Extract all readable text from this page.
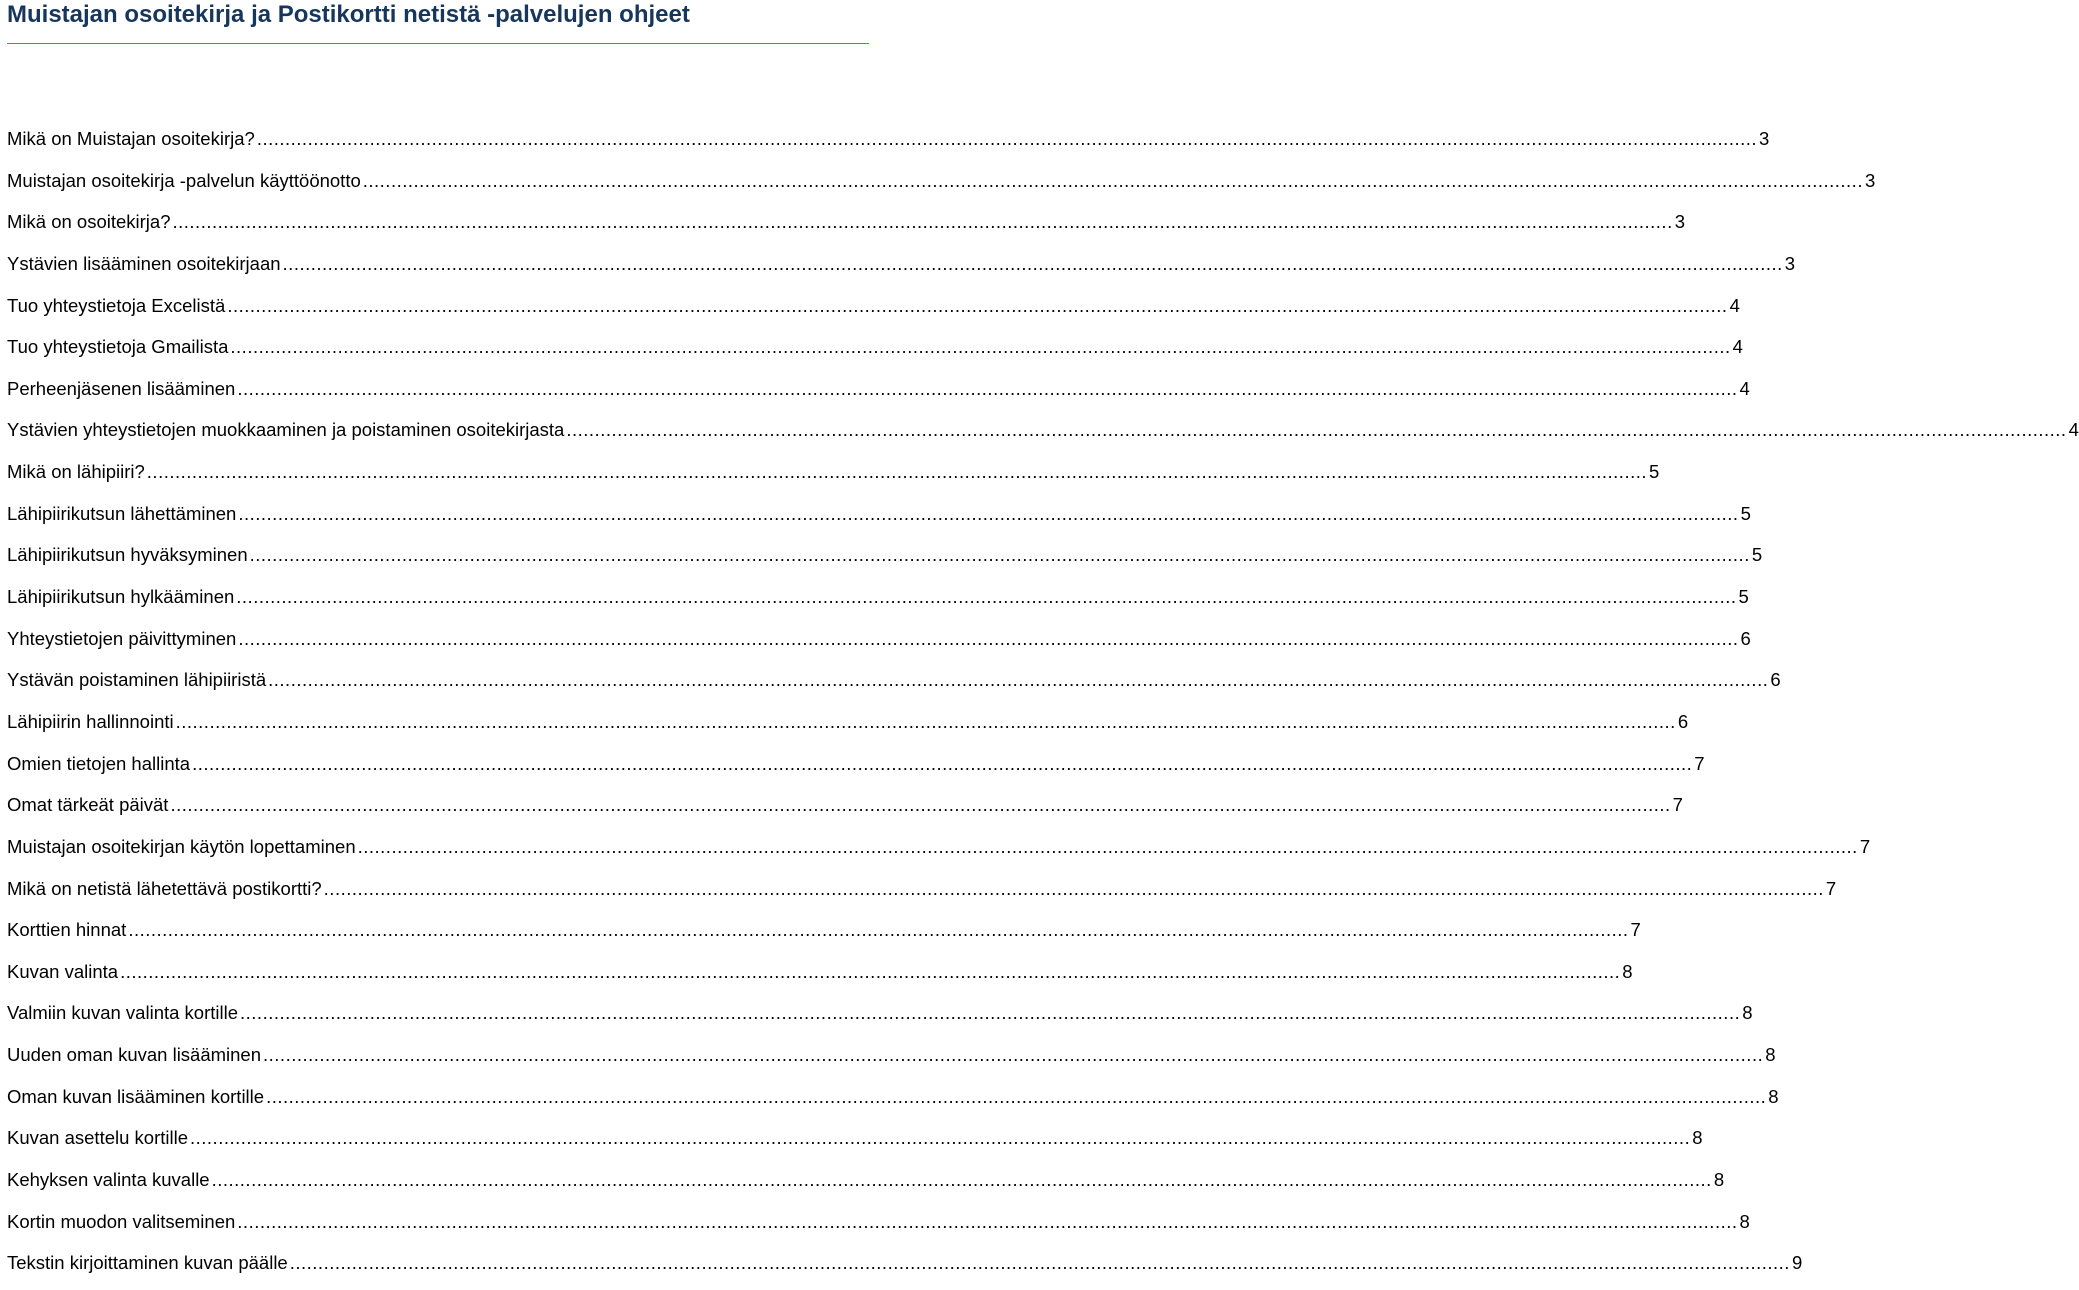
Muistajan osoitekirja ja Postikortti netistä -palvelujen ohjeet
Mikä on Muistajan osoitekirja? .....	3
Muistajan osoitekirja -palvelun käyttöönotto .....	3
Mikä on osoitekirja? .....	3
Ystävien lisääminen osoitekirjaan .....	3
Tuo yhteystietoja Excelistä .....	4
Tuo yhteystietoja Gmailista .....	4
Perheenjäsenen lisääminen .....	4
Ystävien yhteystietojen muokkaaminen ja poistaminen osoitekirjasta .....	4
Mikä on lähipiiri? .....	5
Lähipiirikutsun lähettäminen .....	5
Lähipiirikutsun hyväksyminen .....	5
Lähipiirikutsun hylkääminen .....	5
Yhteystietojen päivittyminen .....	6
Ystävän poistaminen lähipiiristä .....	6
Lähipiirin hallinnointi .....	6
Omien tietojen hallinta .....	7
Omat tärkeät päivät .....	7
Muistajan osoitekirjan käytön lopettaminen .....	7
Mikä on netistä lähetettävä postikortti? .....	7
Korttien hinnat .....	7
Kuvan valinta .....	8
Valmiin kuvan valinta kortille .....	8
Uuden oman kuvan lisääminen .....	8
Oman kuvan lisääminen kortille .....	8
Kuvan asettelu kortille .....	8
Kehyksen valinta kuvalle .....	8
Kortin muodon valitseminen .....	8
Tekstin kirjoittaminen kuvan päälle .....	9
